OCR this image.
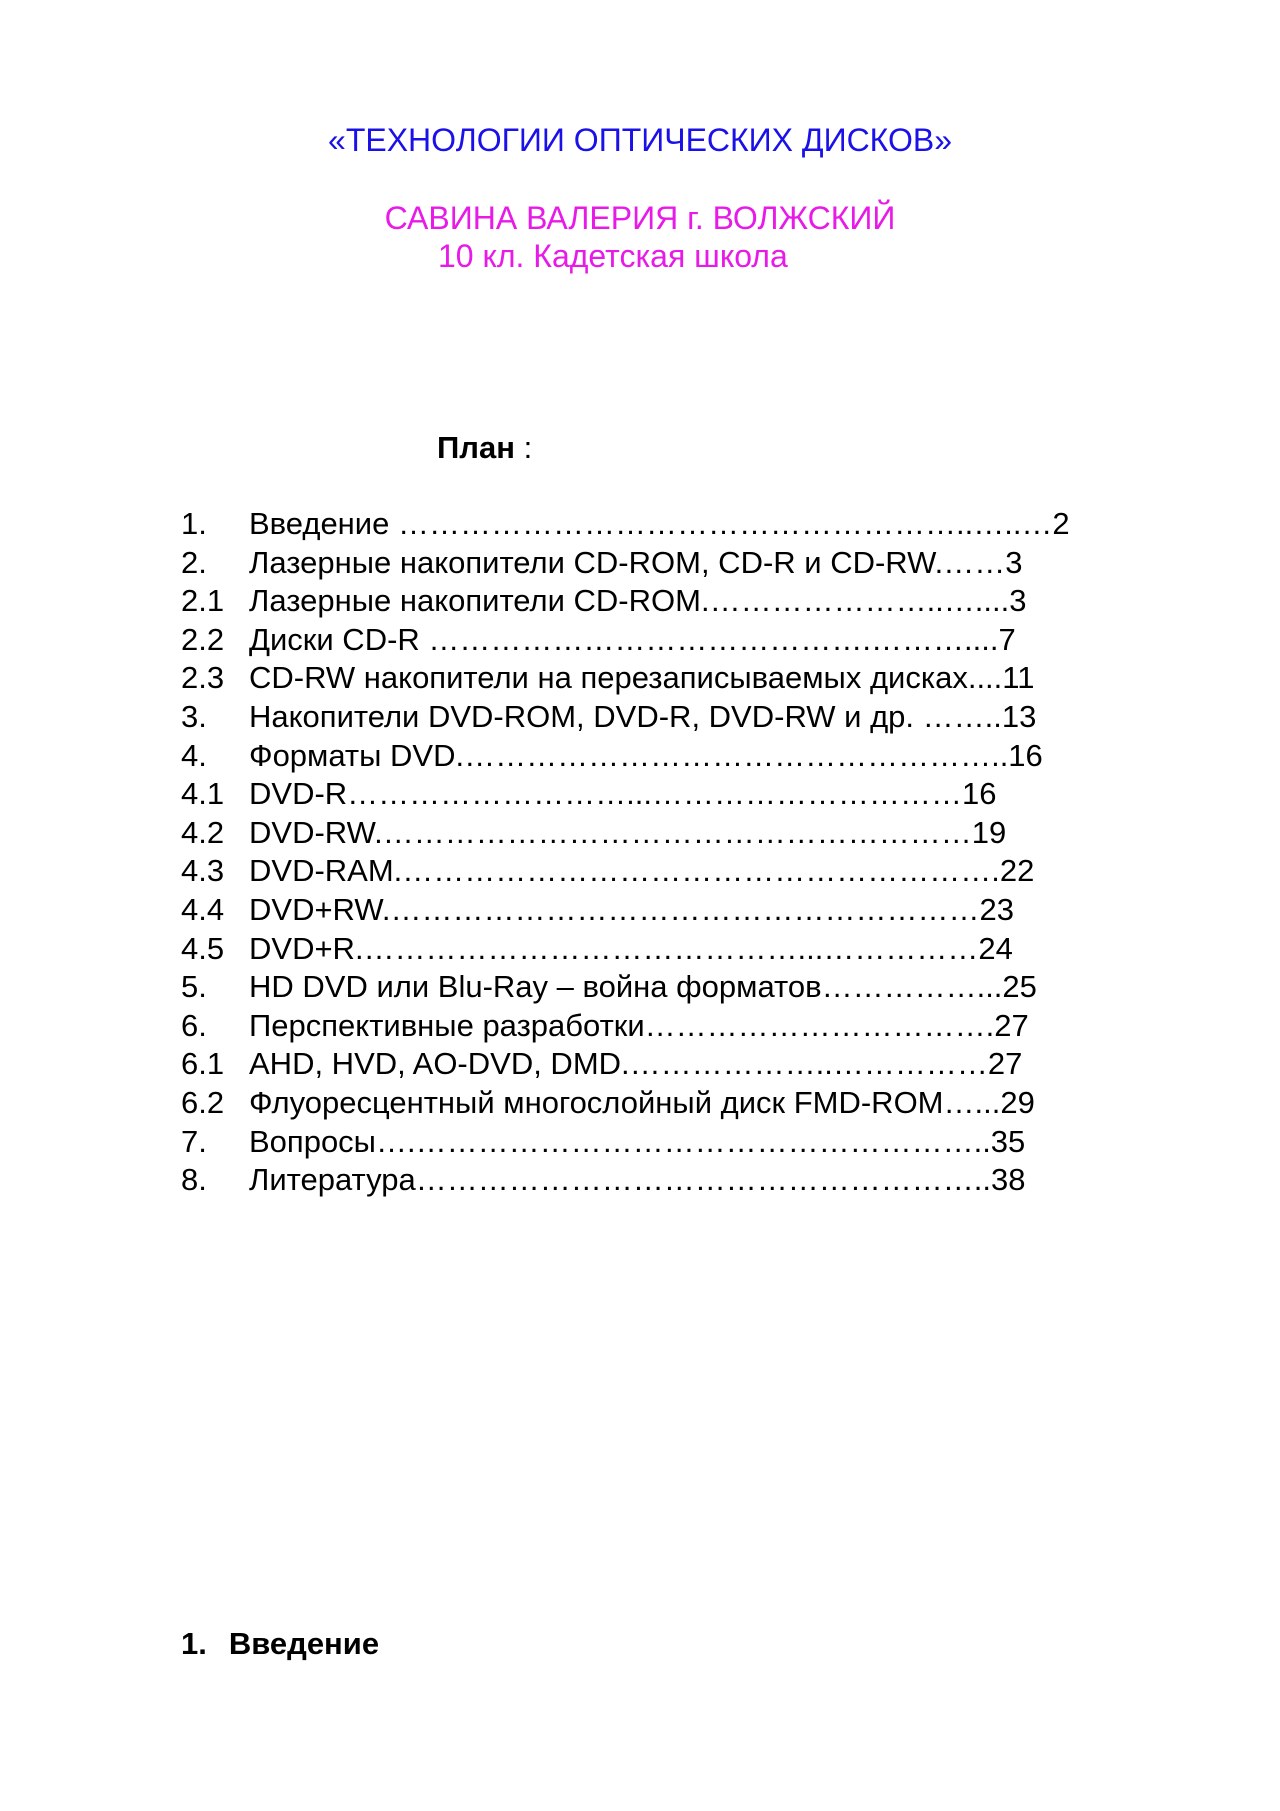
«ТЕХНОЛОГИИ ОПТИЧЕСКИХ ДИСКОВ»
САВИНА ВАЛЕРИЯ г. ВОЛЖСКИЙ
10 кл. Кадетская школа
План :
1. Введение ………………………………………………..…..…2
2. Лазерные накопители CD-ROM, CD-R и CD-RW.……3
2.1 Лазерные накопители CD-ROM.…………………..…....3
2.2 Диски CD-R …………………………………….………....7
2.3 CD-RW накопители на перезаписываемых дисках....11
3. Накопители DVD-ROM, DVD-R, DVD-RW и др. ……..13
4. Форматы DVD.……………………………………………..16
4.1 DVD-R………………………...…………………………16
4.2 DVD-RW.…………………………………………………19
4.3 DVD-RAM.………………………………………………….22
4.4 DVD+RW.…………………………………………………23
4.5 DVD+R.……………………………………...……………24
5. HD DVD или Blu-Ray – война форматов……………...25
6. Перспективные разработки…………………………….27
6.1 AHD, HVD, AO-DVD, DMD.………………..……………27
6.2 Флуоресцентный многослойный диск FMD-ROM…...29
7. Вопросы….………………………………………………..35
8. Литература………………………………………………..38
1. Введение
